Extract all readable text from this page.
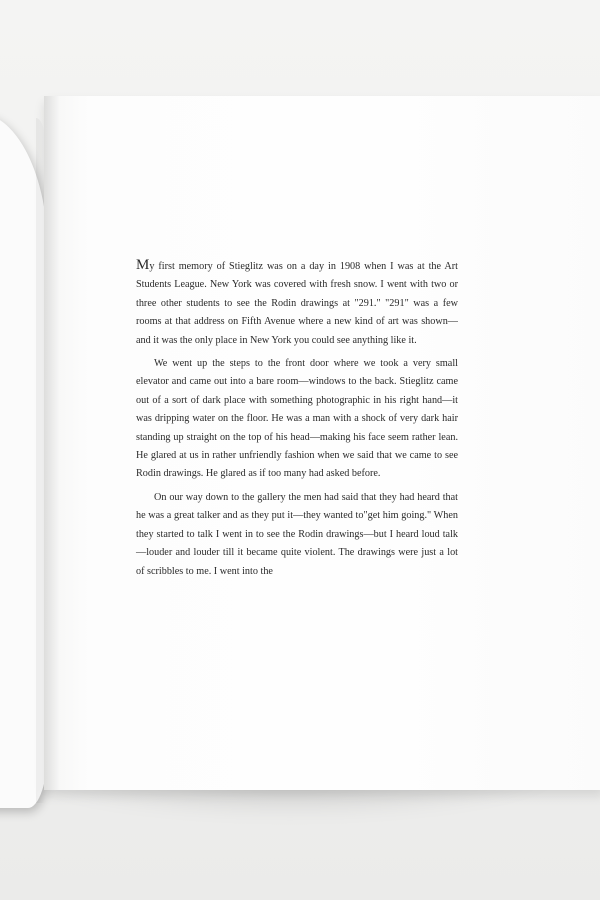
My first memory of Stieglitz was on a day in 1908 when I was at the Art Students League. New York was covered with fresh snow. I went with two or three other students to see the Rodin drawings at "291." "291" was a few rooms at that address on Fifth Avenue where a new kind of art was shown—and it was the only place in New York you could see anything like it.

We went up the steps to the front door where we took a very small elevator and came out into a bare room—windows to the back. Stieglitz came out of a sort of dark place with something photographic in his right hand—it was dripping water on the floor. He was a man with a shock of very dark hair standing up straight on the top of his head—making his face seem rather lean. He glared at us in rather unfriendly fashion when we said that we came to see Rodin drawings. He glared as if too many had asked before.

On our way down to the gallery the men had said that they had heard that he was a great talker and as they put it—they wanted to"get him going." When they started to talk I went in to see the Rodin drawings—but I heard loud talk—louder and louder till it became quite violent. The drawings were just a lot of scribbles to me. I went into the
